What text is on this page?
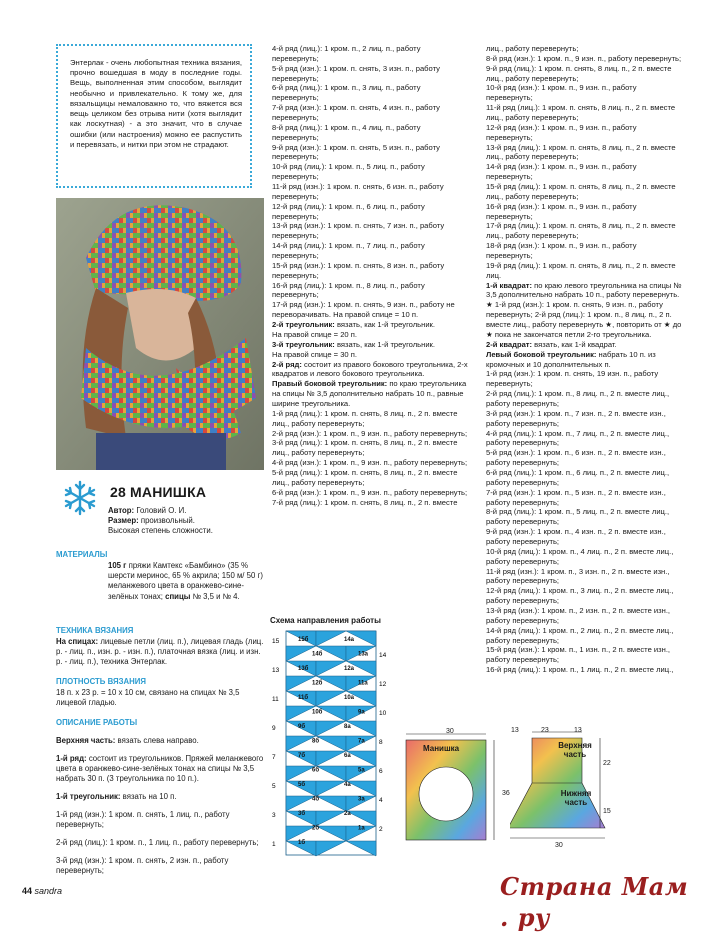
Энтерлак - очень любопытная техника вязания, прочно вошедшая в моду в последние годы. Вещь, выполненная этим способом, выглядит необычно и привлекательно. К тому же, для вязальщицы немаловажно то, что вяжется вся вещь целиком без отрыва нити (хотя выглядит как лоскутная) - а это значит, что в случае ошибки (или настроения) можно ее распустить и перевязать, и нитки при этом не страдают.
28 МАНИШКА
Автор: Головий О. И.
Размер: произвольный.
Высокая степень сложности.
МАТЕРИАЛЫ
105 г пряжи Камтекс «Бамбино» (35 % шерсти мериноc, 65 % акрила; 150 м/ 50 г) меланжевого цвета в оранжево-сине-зелёных тонах; спицы № 3,5 и № 4.
ТЕХНИКА ВЯЗАНИЯ
На спицах: лицевые петли (лиц. п.), лицевая гладь (лиц. р. - лиц. п., изн. р. - изн. п.), платочная вязка (лиц. и изн. р. - лиц. п.), техника Энтерлак.
ПЛОТНОСТЬ ВЯЗАНИЯ
18 п. х 23 р. = 10 х 10 см, связано на спицах № 3,5 лицевой гладью.
ОПИСАНИЕ РАБОТЫ

Верхняя часть: вязать слева направо.

1-й ряд: состоит из треугольников. Пряжей меланжевого цвета в оранжево-сине-зелёных тонах на спицы № 3,5 набрать 30 п. (3 треугольника по 10 п.).

1-й треугольник: вязать на 10 п.

1-й ряд (изн.): 1 кром. п. снять, 1 лиц. п., работу перевернуть;

2-й ряд (лиц.): 1 кром. п., 1 лиц. п., работу перевернуть;

3-й ряд (изн.): 1 кром. п. снять, 2 изн. п., работу перевернуть;

4-й ряд (лиц.): 1 кром. п., 2 лиц. п., работу перевернуть;

5-й ряд (изн.): 1 кром. п. снять, 3 изн. п., работу перевернуть;

6-й ряд (лиц.): 1 кром. п., 3 лиц. п., работу перевернуть;

7-й ряд (изн.): 1 кром. п. снять, 4 изн. п., работу перевернуть;

8-й ряд (лиц.): 1 кром. п., 4 лиц. п., работу перевернуть;

9-й ряд (изн.): 1 кром. п. снять, 5 изн. п., работу перевернуть;

10-й ряд (лиц.): 1 кром. п., 5 лиц. п., работу перевернуть;

11-й ряд (изн.): 1 кром. п. снять, 6 изн. п., работу перевернуть;

12-й ряд (лиц.): 1 кром. п., 6 лиц. п., работу перевернуть;

13-й ряд (изн.): 1 кром. п. снять, 7 изн. п., работу перевернуть;

14-й ряд (лиц.): 1 кром. п., 7 лиц. п., работу перевернуть;

15-й ряд (изн.): 1 кром. п. снять, 8 изн. п., работу перевернуть;

16-й ряд (лиц.): 1 кром. п., 8 лиц. п., работу перевернуть;

17-й ряд (изн.): 1 кром. п. снять, 9 изн. п., работу не переворачивать. На правой спице = 10 п.

2-й треугольник: вязать, как 1-й треугольник.

На правой спице = 20 п.

3-й треугольник: вязать, как 1-й треугольник.

На правой спице = 30 п.

2-й ряд: состоит из правого бокового треугольника, 2-х квадратов и левого бокового треугольника.

Правый боковой треугольник: по краю треугольника на спицы № 3,5 дополнительно набрать 10 п., равные ширине треугольника.

1-й ряд (лиц.): 1 кром. п. снять, 8 лиц. п., 2 п. вместе лиц., работу перевернуть;

2-й ряд (изн.): 1 кром. п., 9 изн. п., работу перевернуть;

3-й ряд (лиц.): 1 кром. п. снять, 8 лиц. п., 2 п. вместе лиц., работу перевернуть;

4-й ряд (изн.): 1 кром. п., 9 изн. п., работу перевернуть;

5-й ряд (лиц.): 1 кром. п. снять, 8 лиц. п., 2 п. вместе лиц., работу перевернуть;

6-й ряд (изн.): 1 кром. п., 9 изн. п., работу перевернуть;

7-й ряд (лиц.): 1 кром. п. снять, 8 лиц. п., 2 п. вместе

лиц., работу перевернуть;

8-й ряд (изн.): 1 кром. п., 9 изн. п., работу перевернуть;

9-й ряд (лиц.): 1 кром. п. снять, 8 лиц. п., 2 п. вместе лиц., работу перевернуть;

10-й ряд (изн.): 1 кром. п., 9 изн. п., работу перевернуть;

11-й ряд (лиц.): 1 кром. п. снять, 8 лиц. п., 2 п. вместе лиц., работу перевернуть;

12-й ряд (изн.): 1 кром. п., 9 изн. п., работу перевернуть;

13-й ряд (лиц.): 1 кром. п. снять, 8 лиц. п., 2 п. вместе лиц., работу перевернуть;

14-й ряд (изн.): 1 кром. п., 9 изн. п., работу перевернуть;

15-й ряд (лиц.): 1 кром. п. снять, 8 лиц. п., 2 п. вместе лиц., работу перевернуть;

16-й ряд (изн.): 1 кром. п., 9 изн. п., работу перевернуть;

17-й ряд (лиц.): 1 кром. п. снять, 8 лиц. п., 2 п. вместе лиц., работу перевернуть;

18-й ряд (изн.): 1 кром. п., 9 изн. п., работу перевернуть;

19-й ряд (лиц.): 1 кром. п. снять, 8 лиц. п., 2 п. вместе лиц.

1-й квадрат: по краю левого треугольника на спицы № 3,5 дополнительно набрать 10 п., работу перевернуть. ★ 1-й ряд (изн.): 1 кром. п. снять, 9 изн. п., работу перевернуть; 2-й ряд (лиц.): 1 кром. п., 8 лиц. п., 2 п. вместе лиц., работу перевернуть ★, повторить от ★ до ★ пока не закончатся петли 2-го треугольника.

2-й квадрат: вязать, как 1-й квадрат.

Левый боковой треугольник: набрать 10 п. из кромочных и 10 дополнительных п.

1-й ряд (изн.): 1 кром. п. снять, 19 изн. п., работу перевернуть;

2-й ряд (лиц.): 1 кром. п., 8 лиц. п., 2 п. вместе лиц., работу перевернуть;

3-й ряд (изн.): 1 кром. п., 7 изн. п., 2 п. вместе изн., работу перевернуть;

4-й ряд (лиц.): 1 кром. п., 7 лиц. п., 2 п. вместе лиц., работу перевернуть;

5-й ряд (изн.): 1 кром. п., 6 изн. п., 2 п. вместе изн., работу перевернуть;

6-й ряд (лиц.): 1 кром. п., 6 лиц. п., 2 п. вместе лиц., работу перевернуть;

7-й ряд (изн.): 1 кром. п., 5 изн. п., 2 п. вместе изн., работу перевернуть;

8-й ряд (лиц.): 1 кром. п., 5 лиц. п., 2 п. вместе лиц., работу перевернуть;

9-й ряд (изн.): 1 кром. п., 4 изн. п., 2 п. вместе изн., работу перевернуть;

10-й ряд (лиц.): 1 кром. п., 4 лиц. п., 2 п. вместе лиц., работу перевернуть;

11-й ряд (изн.): 1 кром. п., 3 изн. п., 2 п. вместе изн., работу перевернуть;

12-й ряд (лиц.): 1 кром. п., 3 лиц. п., 2 п. вместе лиц., работу перевернуть;

13-й ряд (изн.): 1 кром. п., 2 изн. п., 2 п. вместе изн., работу перевернуть;

14-й ряд (лиц.): 1 кром. п., 2 лиц. п., 2 п. вместе лиц., работу перевернуть;

15-й ряд (изн.): 1 кром. п., 1 изн. п., 2 п. вместе изн., работу перевернуть;

16-й ряд (лиц.): 1 кром. п., 1 лиц. п., 2 п. вместе лиц.,

Схема направления работы
15б	14а
14б	13а
13б	12а
12б	11а
11б	10а
10б	9а
9б	8а
8б	7а
7б	6а
6б	5а
5б	4а
4б	3а
3б	2а
2б	1а
1б
15
13
11
9
7
5
3
1
14
12
10
8
6
4
2
Манишка
30
36
Верхняя часть
Нижняя часть
13	23	13
22
15
30
44 sandra	Страна Мам . ру
